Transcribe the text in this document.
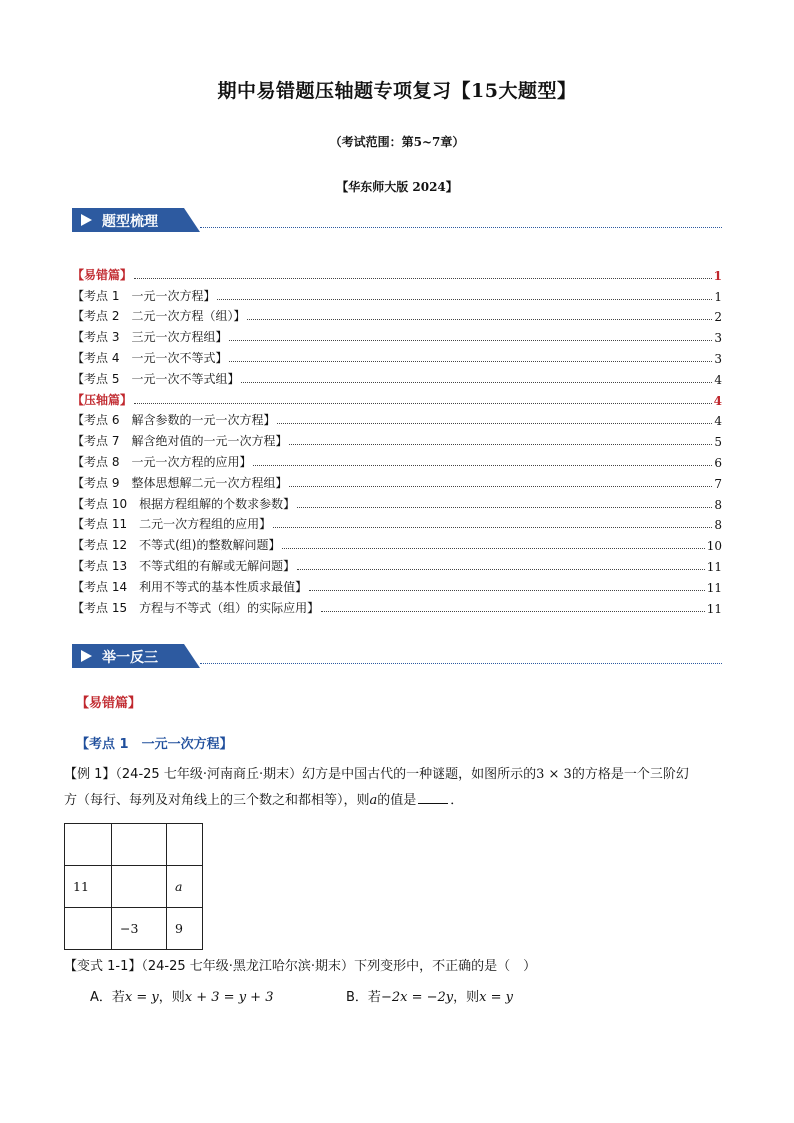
期中易错题压轴题专项复习【15大题型】
（考试范围：第5~7章）
【华东师大版 2024】
题型梳理
【易错篇】	1
【考点 1　一元一次方程】	1
【考点 2　二元一次方程（组）】	2
【考点 3　三元一次方程组】	3
【考点 4　一元一次不等式】	3
【考点 5　一元一次不等式组】	4
【压轴篇】	4
【考点 6　解含参数的一元一次方程】	4
【考点 7　解含绝对值的一元一次方程】	5
【考点 8　一元一次方程的应用】	6
【考点 9　整体思想解二元一次方程组】	7
【考点 10　根据方程组解的个数求参数】	8
【考点 11　二元一次方程组的应用】	8
【考点 12　不等式(组)的整数解问题】	10
【考点 13　不等式组的有解或无解问题】	11
【考点 14　利用不等式的基本性质求最值】	11
【考点 15　方程与不等式（组）的实际应用】	11
举一反三
【易错篇】
【考点 1　一元一次方程】
【例 1】（24-25 七年级·河南商丘·期末）幻方是中国古代的一种谜题，如图所示的3 × 3的方格是一个三阶幻
方（每行、每列及对角线上的三个数之和都相等），则a的值是	．

11		a
	−3	9
【变式 1-1】（24-25 七年级·黑龙江哈尔滨·期末）下列变形中，不正确的是（　）
A．若x = y，则x + 3 = y + 3	B．若−2x = −2y，则x = y
